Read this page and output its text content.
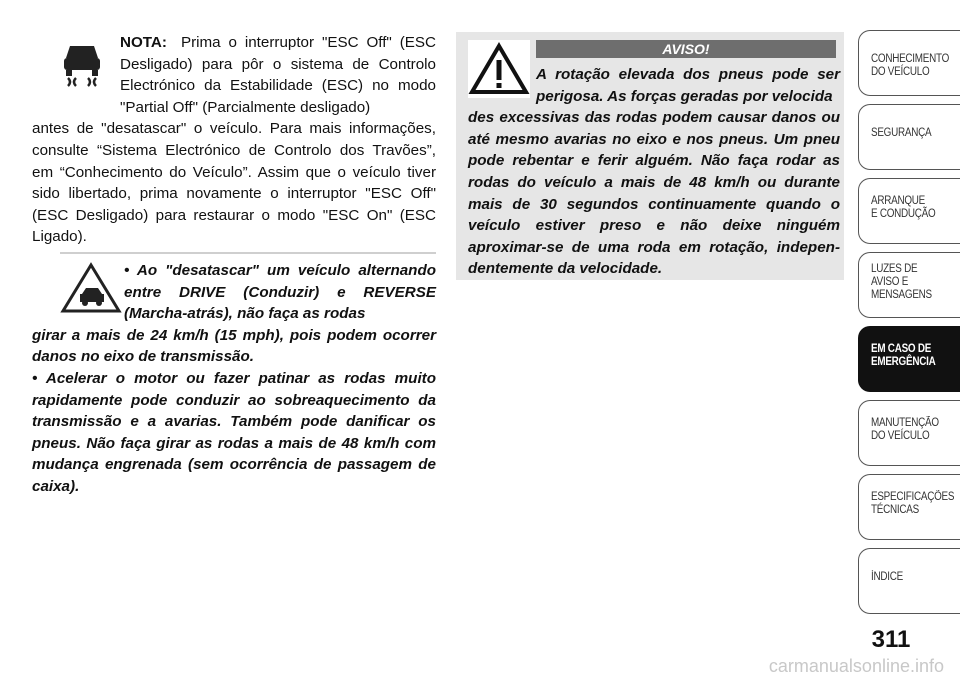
NOTA: Prima o interruptor "ESC Off" (ESC Desligado) para pôr o sistema de Controlo Electrónico da Estabilidade (ESC) no modo "Partial Off" (Parcialmente desligado)
antes de "desatascar" o veículo. Para mais informações, consulte “Sistema Electrónico de Controlo dos Travões”, em “Conhecimento do Veículo”. Assim que o veículo tiver sido libertado, prima novamente o interruptor "ESC Off" (ESC Desligado) para restaurar o modo "ESC On" (ESC Ligado).
• Ao "desatascar" um veículo alternando entre DRIVE (Conduzir) e REVERSE (Marcha-atrás), não faça as rodas
girar a mais de 24 km/h (15 mph), pois podem ocorrer danos no eixo de transmissão.
• Acelerar o motor ou fazer patinar as rodas muito rapidamente pode conduzir ao sobreaquecimento da transmissão e a avarias. Também pode danificar os pneus. Não faça girar as rodas a mais de 48 km/h com mudança engrenada (sem ocorrência de passagem de caixa).
AVISO!
A rotação elevada dos pneus pode ser perigosa. As forças geradas por velocida
des excessivas das rodas podem causar danos ou até mesmo avarias no eixo e nos pneus. Um pneu pode rebentar e ferir alguém. Não faça rodar as rodas do veículo a mais de 48 km/h ou durante mais de 30 segundos continuamente quando o veículo estiver preso e não deixe ninguém aproximar-se de uma roda em rotação, independentemente da velocidade.
CONHECIMENTO
DO VEÍCULO
SEGURANÇA
ARRANQUE
E CONDUÇÃO
LUZES DE
AVISO E
MENSAGENS
EM CASO DE
EMERGÊNCIA
MANUTENÇÃO
DO VEÍCULO
ESPECIFICAÇÕES
TÉCNICAS
ÍNDICE
311
carmanualsonline.info
